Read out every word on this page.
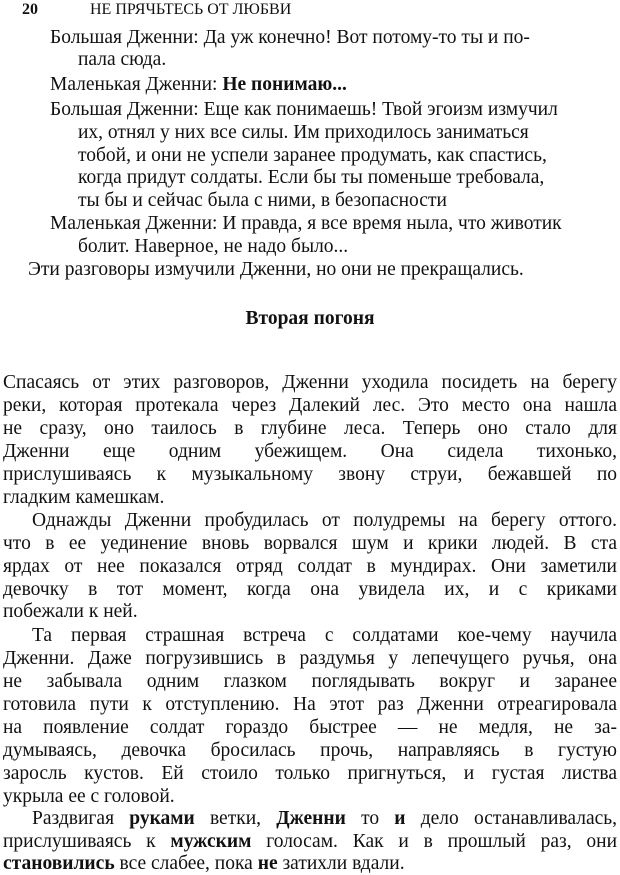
20	НЕ ПРЯЧЬТЕСЬ ОТ ЛЮБВИ
Большая Дженни: Да уж конечно! Вот потому-то ты и по-
пала сюда.
Маленькая Дженни: Не понимаю...
Большая Дженни: Еще как понимаешь! Твой эгоизм измучил
их, отнял у них все силы. Им приходилось заниматься
тобой, и они не успели заранее продумать, как спастись,
когда придут солдаты. Если бы ты поменьше требовала,
ты бы и сейчас была с ними, в безопасности
Маленькая Дженни: И правда, я все время ныла, что животик
болит. Наверное, не надо было...
Эти разговоры измучили Дженни, но они не прекращались.
Вторая погоня
Спасаясь от этих разговоров, Дженни уходила посидеть на берегу
реки, которая протекала через Далекий лес. Это место она нашла
не сразу, оно таилось в глубине леса. Теперь оно стало для
Дженни еще одним убежищем. Она сидела тихонько,
прислушиваясь к музыкальному звону струи, бежавшей по
гладким камешкам.
Однажды Дженни пробудилась от полудремы на берегу оттого.
что в ее уединение вновь ворвался шум и крики людей. В ста
ярдах от нее показался отряд солдат в мундирах. Они заметили
девочку в тот момент, когда она увидела их, и с криками
побежали к ней.
Та первая страшная встреча с солдатами кое-чему научила
Дженни. Даже погрузившись в раздумья у лепечущего ручья, она
не забывала одним глазком поглядывать вокруг и заранее
готовила пути к отступлению. На этот раз Дженни отреагировала
на появление солдат гораздо быстрее — не медля, не за-
думываясь, девочка бросилась прочь, направляясь в густую
заросль кустов. Ей стоило только пригнуться, и густая листва
укрыла ее с головой.
Раздвигая руками ветки, Дженни то и дело останавливалась,
прислушиваясь к мужским голосам. Как и в прошлый раз, они
становились все слабее, пока не затихли вдали.
